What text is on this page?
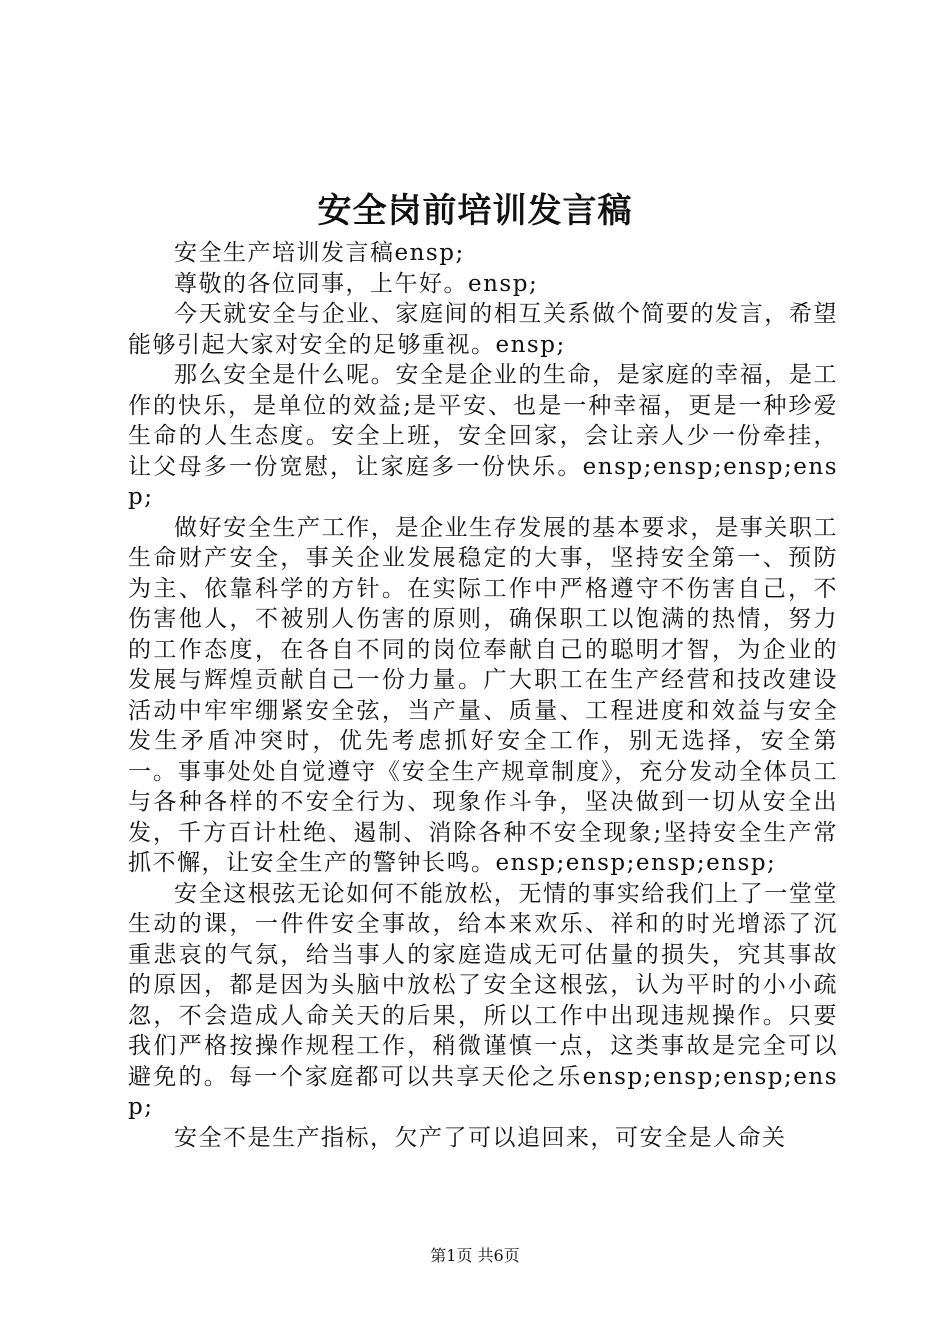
安全岗前培训发言稿

安全生产培训发言稿ensp;

尊敬的各位同事，上午好。ensp;

今天就安全与企业、家庭间的相互关系做个简要的发言，希望能够引起大家对安全的足够重视。ensp;

那么安全是什么呢。安全是企业的生命，是家庭的幸福，是工作的快乐，是单位的效益;是平安、也是一种幸福，更是一种珍爱生命的人生态度。安全上班，安全回家，会让亲人少一份牵挂，让父母多一份宽慰，让家庭多一份快乐。ensp;ensp;ensp;ensp;

做好安全生产工作，是企业生存发展的基本要求，是事关职工生命财产安全，事关企业发展稳定的大事，坚持安全第一、预防为主、依靠科学的方针。在实际工作中严格遵守不伤害自己，不伤害他人，不被别人伤害的原则，确保职工以饱满的热情，努力的工作态度，在各自不同的岗位奉献自己的聪明才智，为企业的发展与辉煌贡献自己一份力量。广大职工在生产经营和技改建设活动中牢牢绷紧安全弦，当产量、质量、工程进度和效益与安全发生矛盾冲突时，优先考虑抓好安全工作，别无选择，安全第一。事事处处自觉遵守《安全生产规章制度》，充分发动全体员工与各种各样的不安全行为、现象作斗争，坚决做到一切从安全出发，千方百计杜绝、遏制、消除各种不安全现象;坚持安全生产常抓不懈，让安全生产的警钟长鸣。ensp;ensp;ensp;ensp;

安全这根弦无论如何不能放松，无情的事实给我们上了一堂堂生动的课，一件件安全事故，给本来欢乐、祥和的时光增添了沉重悲哀的气氛，给当事人的家庭造成无可估量的损失，究其事故的原因，都是因为头脑中放松了安全这根弦，认为平时的小小疏忽，不会造成人命关天的后果，所以工作中出现违规操作。只要我们严格按操作规程工作，稍微谨慎一点，这类事故是完全可以避免的。每一个家庭都可以共享天伦之乐ensp;ensp;ensp;ensp;

安全不是生产指标，欠产了可以追回来，可安全是人命关

第1页 共6页
